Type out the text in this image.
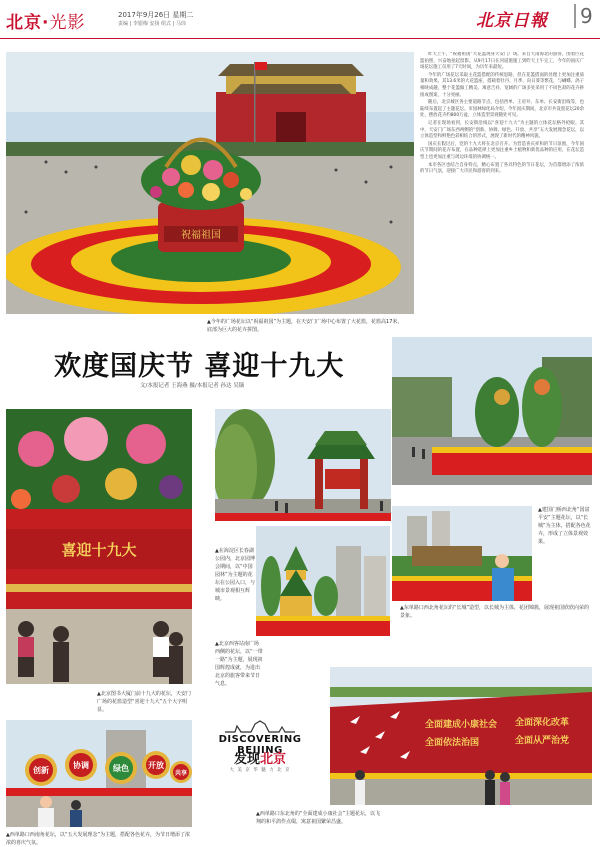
北京·光影	2017年9月26日 星期二
责编 | 李银梅 安扬 组式 | 马玮	北京日報 9
祝福祖国
▲今年的广场花坛以“祝福祖国”为主题，在天安门广场中心布置了大花篮，花篮高17米，底部为巨大的花卉拼图。

昨天上午，“祝福祖国”大花篮现身天安门广场。来自天南海北的游客，围着巨花篮拍照，兴奋地拍起留影。从9月17日在河道施施工到昨天上午完工，今年的国庆广场花坛施工仅用了7天时间，为历年来最短。

今年的广场花坛采取主花篮搭配的传统思路，但在花篮搭面的处理上更加注重质量和效果。其13.6米的大花篮座，搭载着牡丹、月季、向日葵等繁花，与蝴蝶、鸽子相映成趣，整个花篮做工精美、寓意吉祥，宽阔的广场多处采用了不同色彩的花卉拼接成图案，十分亮丽。

随后，北京城区各主要道路节点，包括西单、王府井、东单、长安街沿线等，也陆续布置起了主题花坛。市园林绿化局介绍，今年国庆期间，北京市共设置花坛20余处，摆放花卉约800万盆，立体造型景观随处可见。

记者在现场看到，长安街沿线以“喜迎十九大”为主题的立体花坛格外抢眼。其中，天安门广场东西两侧的“创新、协调、绿色、开放、共享”五大发展理念花坛，以立体造型和鲜艳色彩相结合的形式，展现了新时代的精神风貌。

国庆长假过后，党的十九大将在北京召开。为营造喜庆祥和的节日氛围，今年国庆节期间的花卉布置，在品种选择上更加注重乡土植物和新优品种的应用，在花坛造型上也更加注重与周边环境的协调统一。

本市各区也结合自身特点，精心布置了各具特色的节日花坛，为首都增添了浓浓的节日气氛，迎接广大市民和游客的到来。

欢度国庆节 喜迎十九大
文/本报记者 王海燕 摄/本报记者 孙达 吴镝
喜迎十九大
▲北京图书大厦门前十九大的花坛，天安门广场的花篮造型“喜迎十九大”五个大字明显。
▲在海淀区长春湖公园内，北京园博会期间，以“中国园林”为主题的花坛在公园入口，与城市景观相互辉映。
▲建国门桥西北角“国富平安”主题花坛，以“长城”为主体，搭配各色花卉，形成了立体景观效果。
▲北京西客站南广场西侧的花坛，以“一带一路”为主题，展现祖国辉煌成就，为进出北京的旅客带来节日气息。
▲东单路口西北角花坛的“长城”造型，以长城为主体，花团锦簇，展现祖国欣欣向荣的景象。
创新
协调	绿色 开放
共享
▲西单路口西南角花坛，以“五大发展理念”为主题，搭配各色花卉，为节日增添了浓浓的喜庆气氛。
DISCOVERING BEIJING
发现北京
大 美 京 华 魅 力 北 京
全面建成小康社会 全面深化改革
全面依法治国	全面从严治党
▲西单路口东北角的“全面建成小康社会”主题花坛，以飞翔的和平鸽作点缀，寓意祖国繁荣昌盛。
